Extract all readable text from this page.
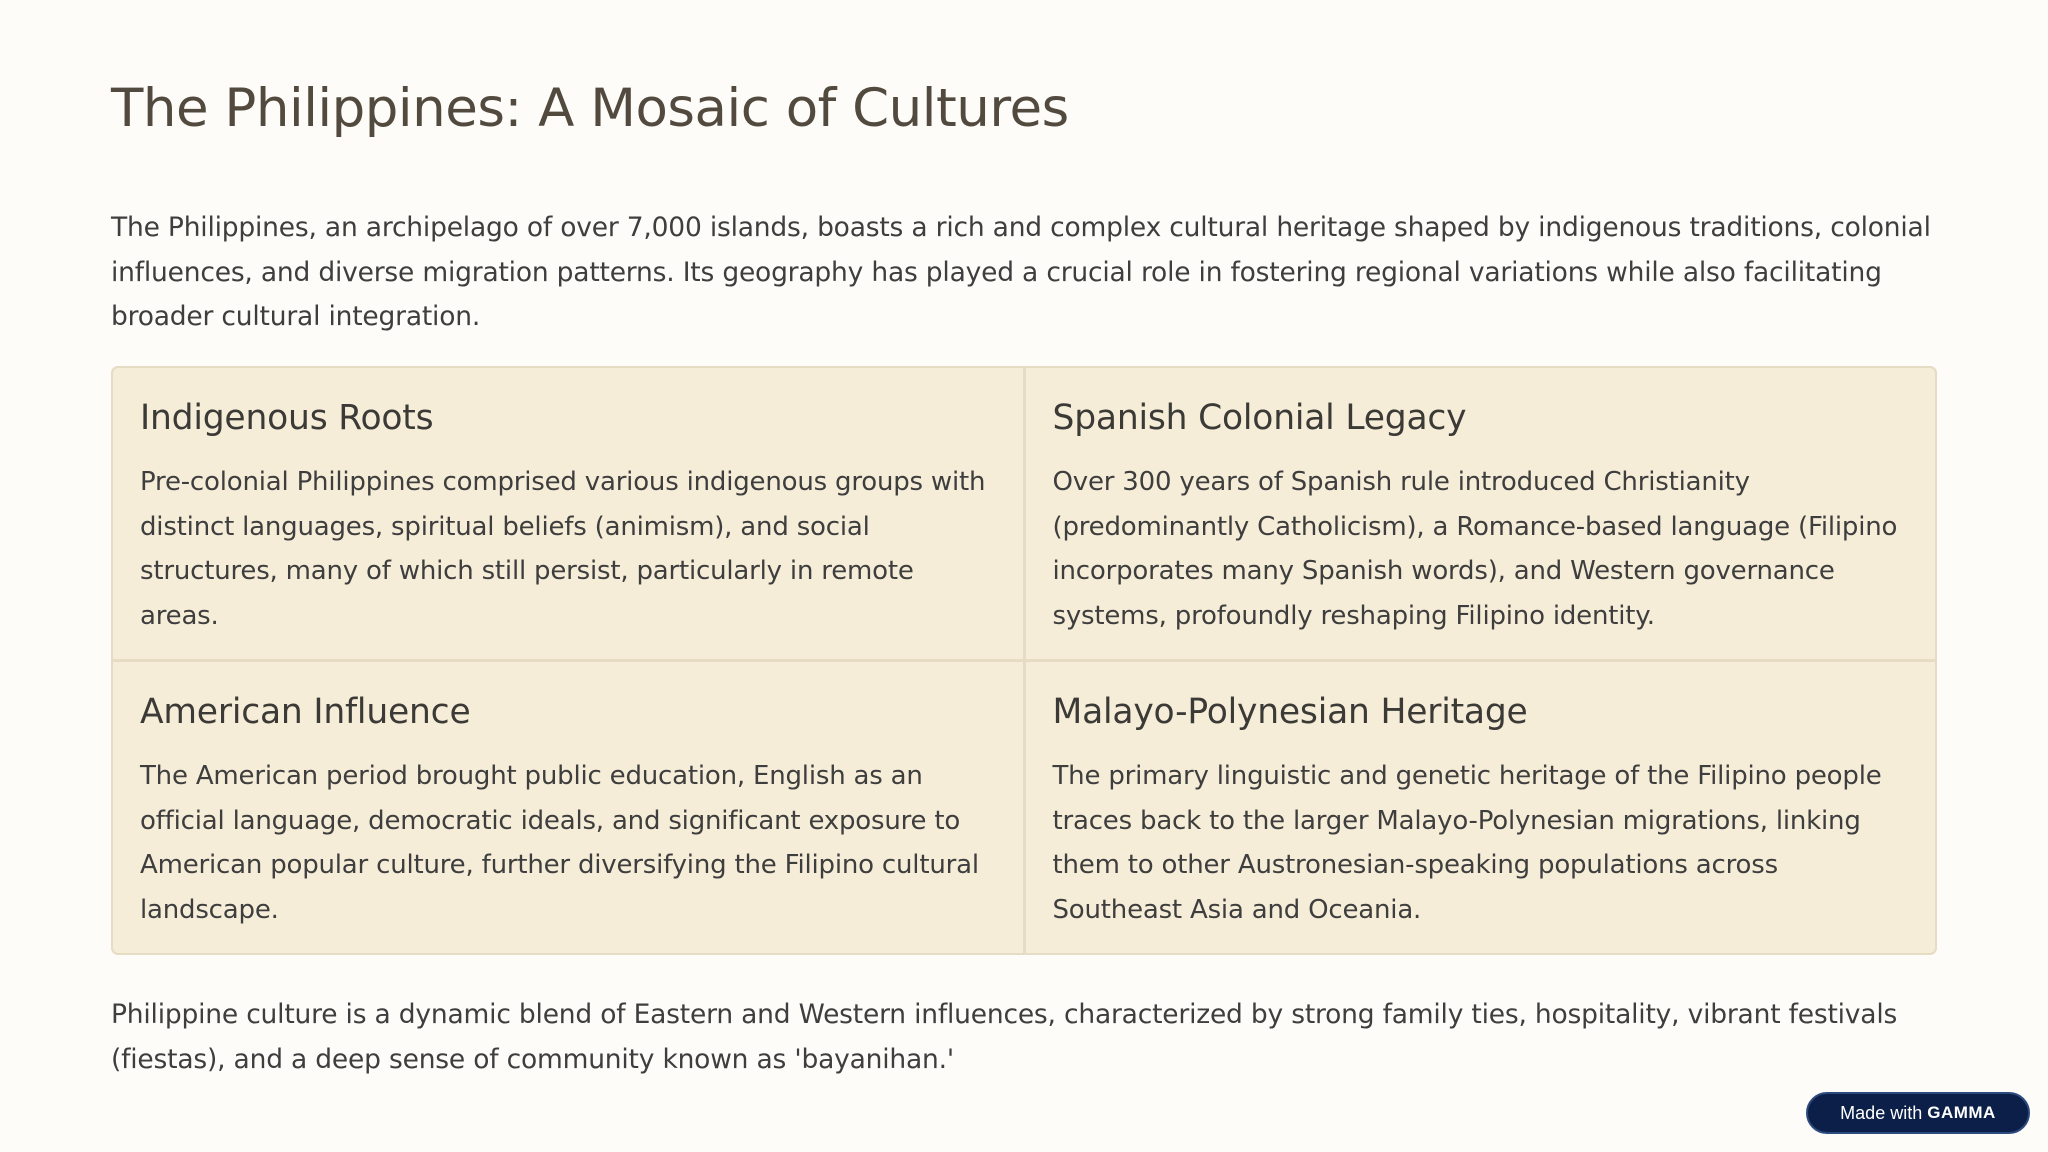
The Philippines: A Mosaic of Cultures

The Philippines, an archipelago of over 7,000 islands, boasts a rich and complex cultural heritage shaped by indigenous traditions, colonial influences, and diverse migration patterns. Its geography has played a crucial role in fostering regional variations while also facilitating broader cultural integration.

Indigenous Roots

Pre-colonial Philippines comprised various indigenous groups with distinct languages, spiritual beliefs (animism), and social structures, many of which still persist, particularly in remote areas.

Spanish Colonial Legacy

Over 300 years of Spanish rule introduced Christianity (predominantly Catholicism), a Romance-based language (Filipino incorporates many Spanish words), and Western governance systems, profoundly reshaping Filipino identity.

American Influence

The American period brought public education, English as an official language, democratic ideals, and significant exposure to American popular culture, further diversifying the Filipino cultural landscape.

Malayo-Polynesian Heritage

The primary linguistic and genetic heritage of the Filipino people traces back to the larger Malayo-Polynesian migrations, linking them to other Austronesian-speaking populations across Southeast Asia and Oceania.

Philippine culture is a dynamic blend of Eastern and Western influences, characterized by strong family ties, hospitality, vibrant festivals (fiestas), and a deep sense of community known as 'bayanihan.'

Made with GAMMA
